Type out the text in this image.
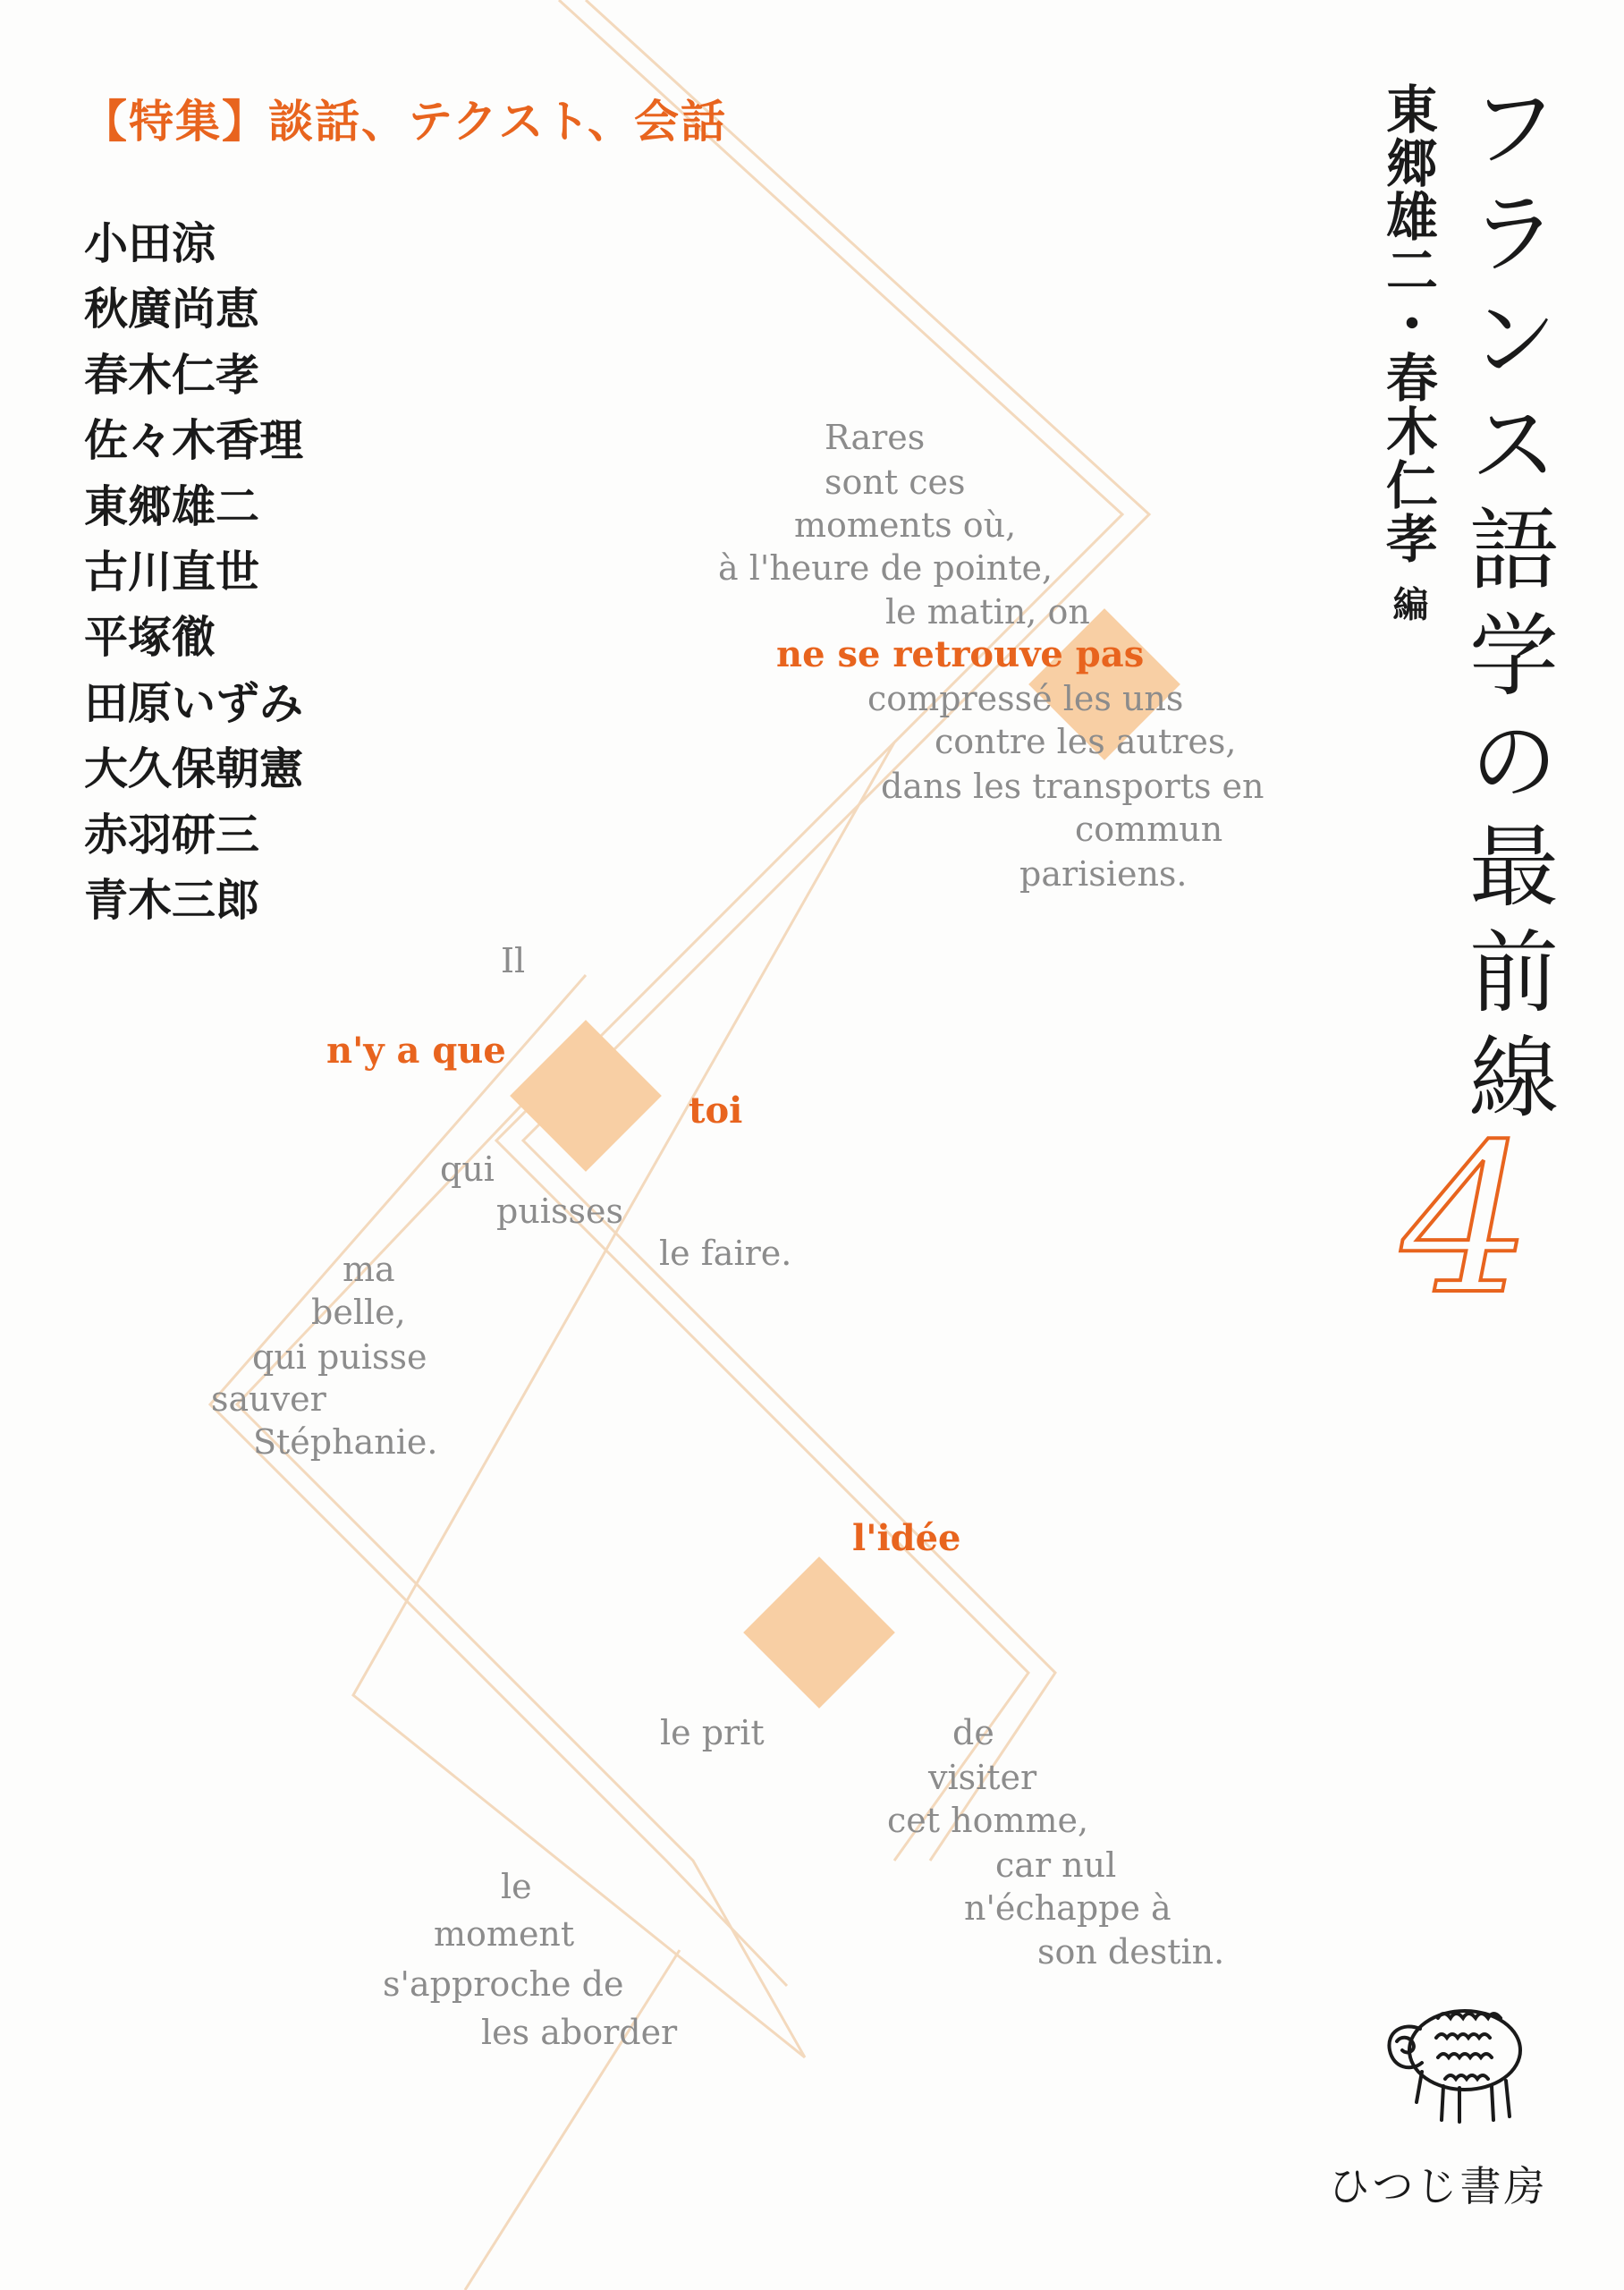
【特集】談話、テクスト、会話
小田涼
秋廣尚恵
春木仁孝
佐々木香理
東郷雄二
古川直世
平塚徹
田原いずみ
大久保朝憲
赤羽研三
青木三郎	フランス語学の最前線
東郷雄二・春木仁孝 編
4
Rares
sont ces
moments où,
à l'heure de pointe,
le matin, on
ne se retrouve pas
compressé les uns
contre les autres,
dans les transports en
commun
parisiens.
Il
n'y a que
toi
qui
puisses
le faire.
ma
belle,
qui puisse
sauver
Stéphanie.
l'idée
le prit	de
visiter
cet homme,
car nul
n'échappe à
son destin.
le
moment
s'approche de
les aborder
ひつじ書房
